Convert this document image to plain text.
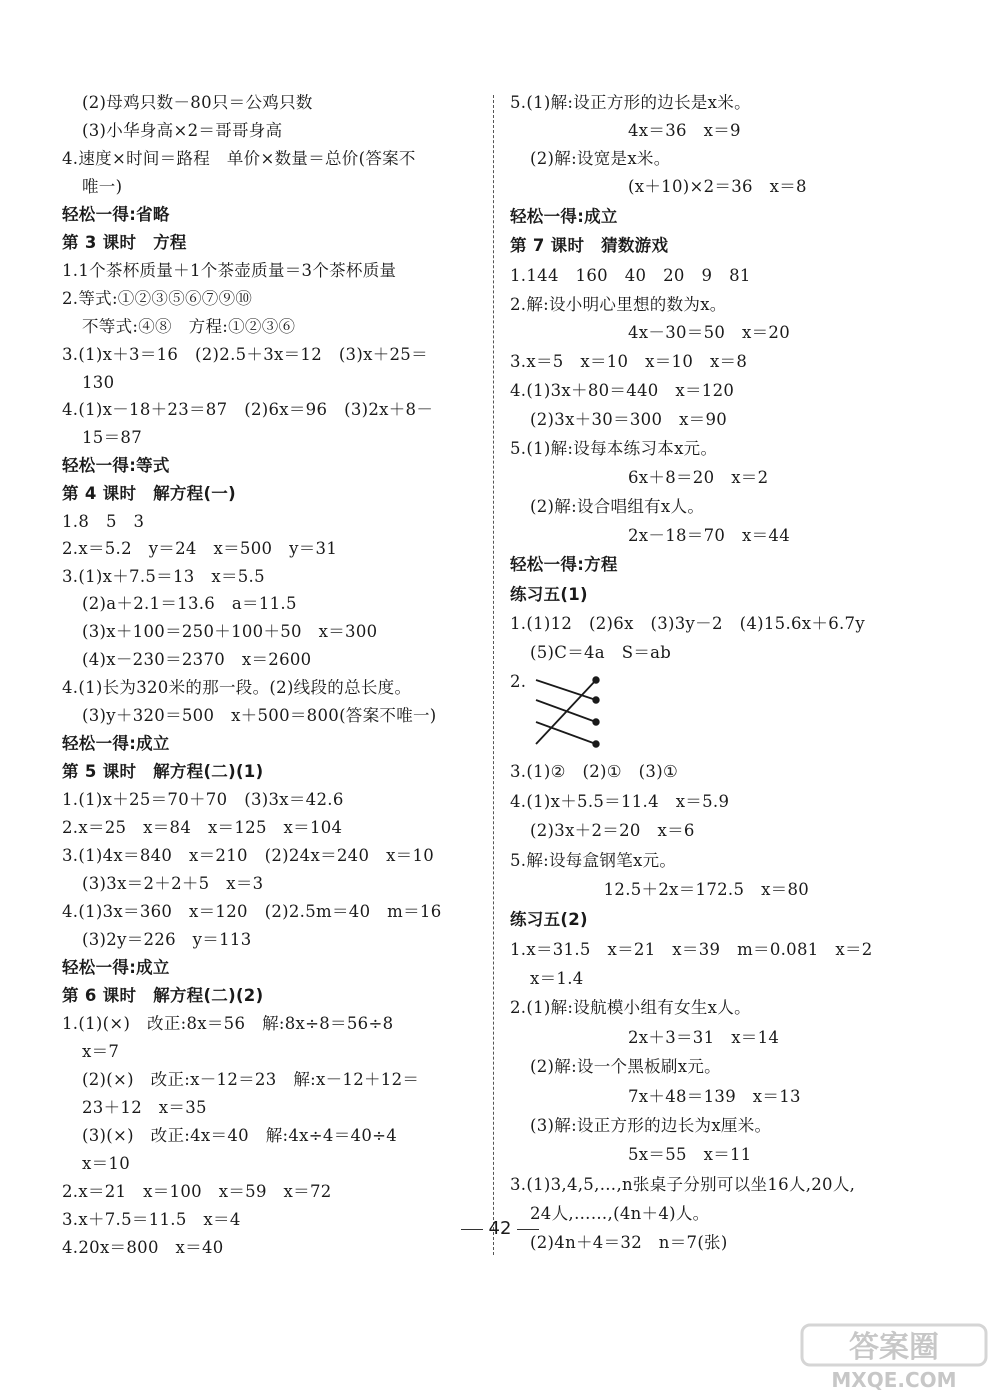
(2)母鸡只数－80只＝公鸡只数
(3)小华身高×2＝哥哥身高
4.速度×时间＝路程　单价×数量＝总价(答案不
唯一)
轻松一得:省略
第 3 课时　方程
1.1个茶杯质量＋1个茶壶质量＝3个茶杯质量
2.等式:①②③⑤⑥⑦⑨⑩
不等式:④⑧　方程:①②③⑥
3.(1)x＋3＝16　(2)2.5＋3x＝12　(3)x＋25＝
130
4.(1)x－18＋23＝87　(2)6x＝96　(3)2x＋8－
15＝87
轻松一得:等式
第 4 课时　解方程(一)
1.8　5　3
2.x＝5.2　y＝24　x＝500　y＝31
3.(1)x＋7.5＝13　x＝5.5
(2)a＋2.1＝13.6　a＝11.5
(3)x＋100＝250＋100＋50　x＝300
(4)x－230＝2370　x＝2600
4.(1)长为320米的那一段。(2)线段的总长度。
(3)y＋320＝500　x＋500＝800(答案不唯一)
轻松一得:成立
第 5 课时　解方程(二)(1)
1.(1)x＋25＝70＋70　(3)3x＝42.6
2.x＝25　x＝84　x＝125　x＝104
3.(1)4x＝840　x＝210　(2)24x＝240　x＝10
(3)3x＝2＋2＋5　x＝3
4.(1)3x＝360　x＝120　(2)2.5m＝40　m＝16
(3)2y＝226　y＝113
轻松一得:成立
第 6 课时　解方程(二)(2)
1.(1)(×)　改正:8x＝56　解:8x÷8＝56÷8
x＝7
(2)(×)　改正:x－12＝23　解:x－12＋12＝
23＋12　x＝35
(3)(×)　改正:4x＝40　解:4x÷4＝40÷4
x＝10
2.x＝21　x＝100　x＝59　x＝72
3.x＋7.5＝11.5　x＝4
4.20x＝800　x＝40
5.(1)解:设正方形的边长是x米。
4x＝36　x＝9
(2)解:设宽是x米。
(x＋10)×2＝36　x＝8
轻松一得:成立
第 7 课时　猜数游戏
1.144　160　40　20　9　81
2.解:设小明心里想的数为x。
4x－30＝50　x＝20
3.x＝5　x＝10　x＝10　x＝8
4.(1)3x＋80＝440　x＝120
(2)3x＋30＝300　x＝90
5.(1)解:设每本练习本x元。
6x＋8＝20　x＝2
(2)解:设合唱组有x人。
2x－18＝70　x＝44
轻松一得:方程
练习五(1)
1.(1)12　(2)6x　(3)3y－2　(4)15.6x＋6.7y
(5)C＝4a　S＝ab
2.
3.(1)②　(2)①　(3)①
4.(1)x＋5.5＝11.4　x＝5.9
(2)3x＋2＝20　x＝6
5.解:设每盒钢笔x元。
　　12.5＋2x＝172.5　x＝80
练习五(2)
1.x＝31.5　x＝21　x＝39　m＝0.081　x＝2
x＝1.4
2.(1)解:设航模小组有女生x人。
2x＋3＝31　x＝14
(2)解:设一个黑板刷x元。
7x＋48＝139　x＝13
(3)解:设正方形的边长为x厘米。
5x＝55　x＝11
3.(1)3,4,5,…,n张桌子分别可以坐16人,20人,
24人,……,(4n＋4)人。
(2)4n＋4＝32　n＝7(张)
42
答案圈
MXQE.COM
